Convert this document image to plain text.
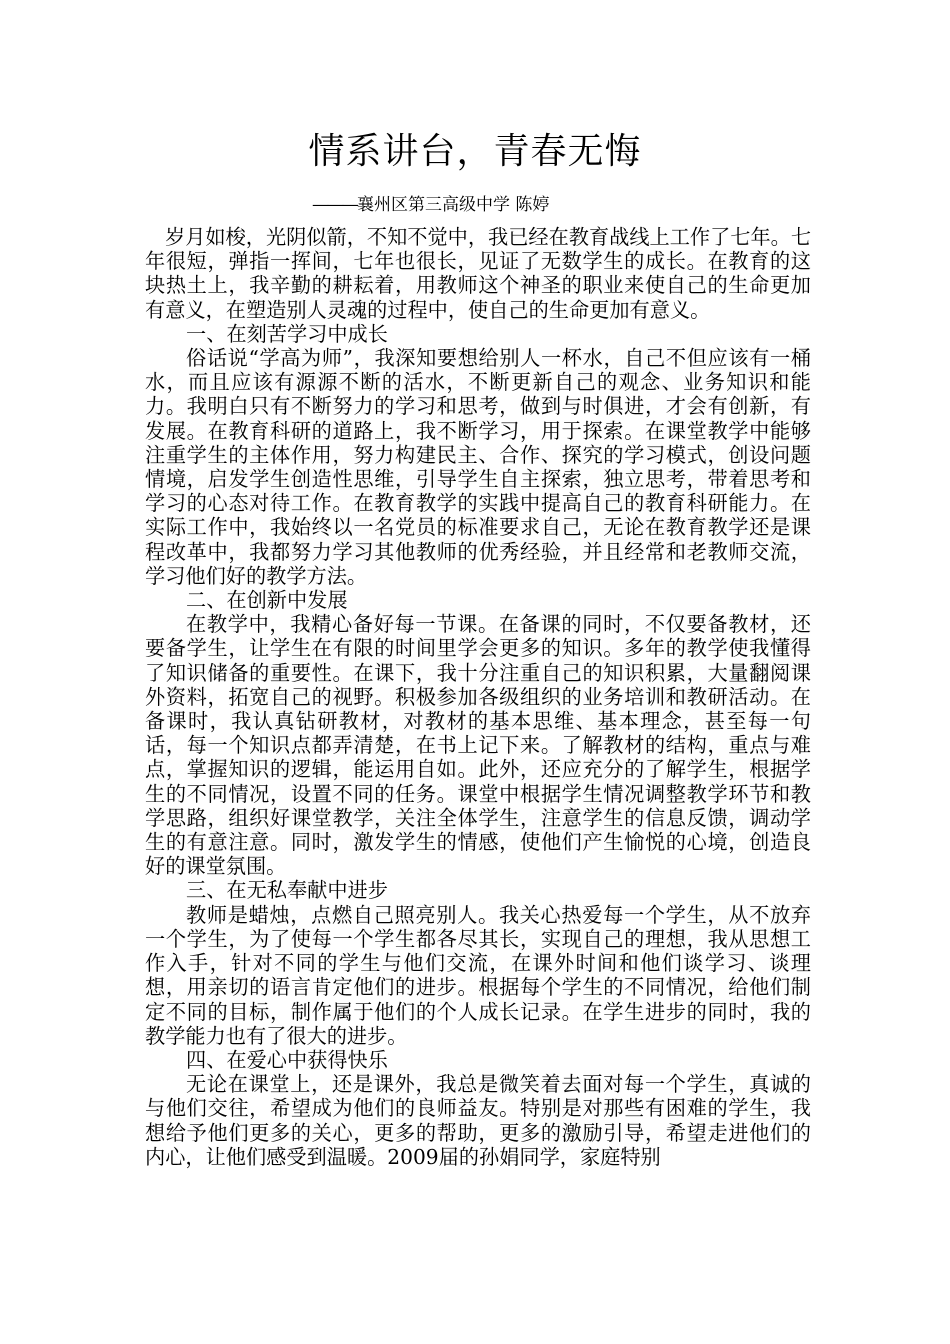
情系讲台，青春无悔
———襄州区第三高级中学 陈婷

岁月如梭，光阴似箭，不知不觉中，我已经在教育战线上工作了七年。七年很短，弹指一挥间，七年也很长，见证了无数学生的成长。在教育的这块热土上，我辛勤的耕耘着，用教师这个神圣的职业来使自己的生命更加有意义，在塑造别人灵魂的过程中，使自己的生命更加有意义。

一、在刻苦学习中成长

俗话说“学高为师”，我深知要想给别人一杯水，自己不但应该有一桶水，而且应该有源源不断的活水，不断更新自己的观念、业务知识和能力。我明白只有不断努力的学习和思考，做到与时俱进，才会有创新，有发展。在教育科研的道路上，我不断学习，用于探索。在课堂教学中能够注重学生的主体作用，努力构建民主、合作、探究的学习模式，创设问题情境，启发学生创造性思维，引导学生自主探索，独立思考，带着思考和学习的心态对待工作。在教育教学的实践中提高自己的教育科研能力。在实际工作中，我始终以一名党员的标准要求自己，无论在教育教学还是课程改革中，我都努力学习其他教师的优秀经验，并且经常和老教师交流，学习他们好的教学方法。

二、在创新中发展

在教学中，我精心备好每一节课。在备课的同时，不仅要备教材，还要备学生，让学生在有限的时间里学会更多的知识。多年的教学使我懂得了知识储备的重要性。在课下，我十分注重自己的知识积累，大量翻阅课外资料，拓宽自己的视野。积极参加各级组织的业务培训和教研活动。在备课时，我认真钻研教材，对教材的基本思维、基本理念，甚至每一句话，每一个知识点都弄清楚，在书上记下来。了解教材的结构，重点与难点，掌握知识的逻辑，能运用自如。此外，还应充分的了解学生，根据学生的不同情况，设置不同的任务。课堂中根据学生情况调整教学环节和教学思路，组织好课堂教学，关注全体学生，注意学生的信息反馈，调动学生的有意注意。同时，激发学生的情感，使他们产生愉悦的心境，创造良好的课堂氛围。

三、在无私奉献中进步

教师是蜡烛，点燃自己照亮别人。我关心热爱每一个学生，从不放弃一个学生，为了使每一个学生都各尽其长，实现自己的理想，我从思想工作入手，针对不同的学生与他们交流，在课外时间和他们谈学习、谈理想，用亲切的语言肯定他们的进步。根据每个学生的不同情况，给他们制定不同的目标，制作属于他们的个人成长记录。在学生进步的同时，我的教学能力也有了很大的进步。

四、在爱心中获得快乐

无论在课堂上，还是课外，我总是微笑着去面对每一个学生，真诚的与他们交往，希望成为他们的良师益友。特别是对那些有困难的学生，我想给予他们更多的关心，更多的帮助，更多的激励引导，希望走进他们的内心，让他们感受到温暖。2009届的孙娟同学，家庭特别
